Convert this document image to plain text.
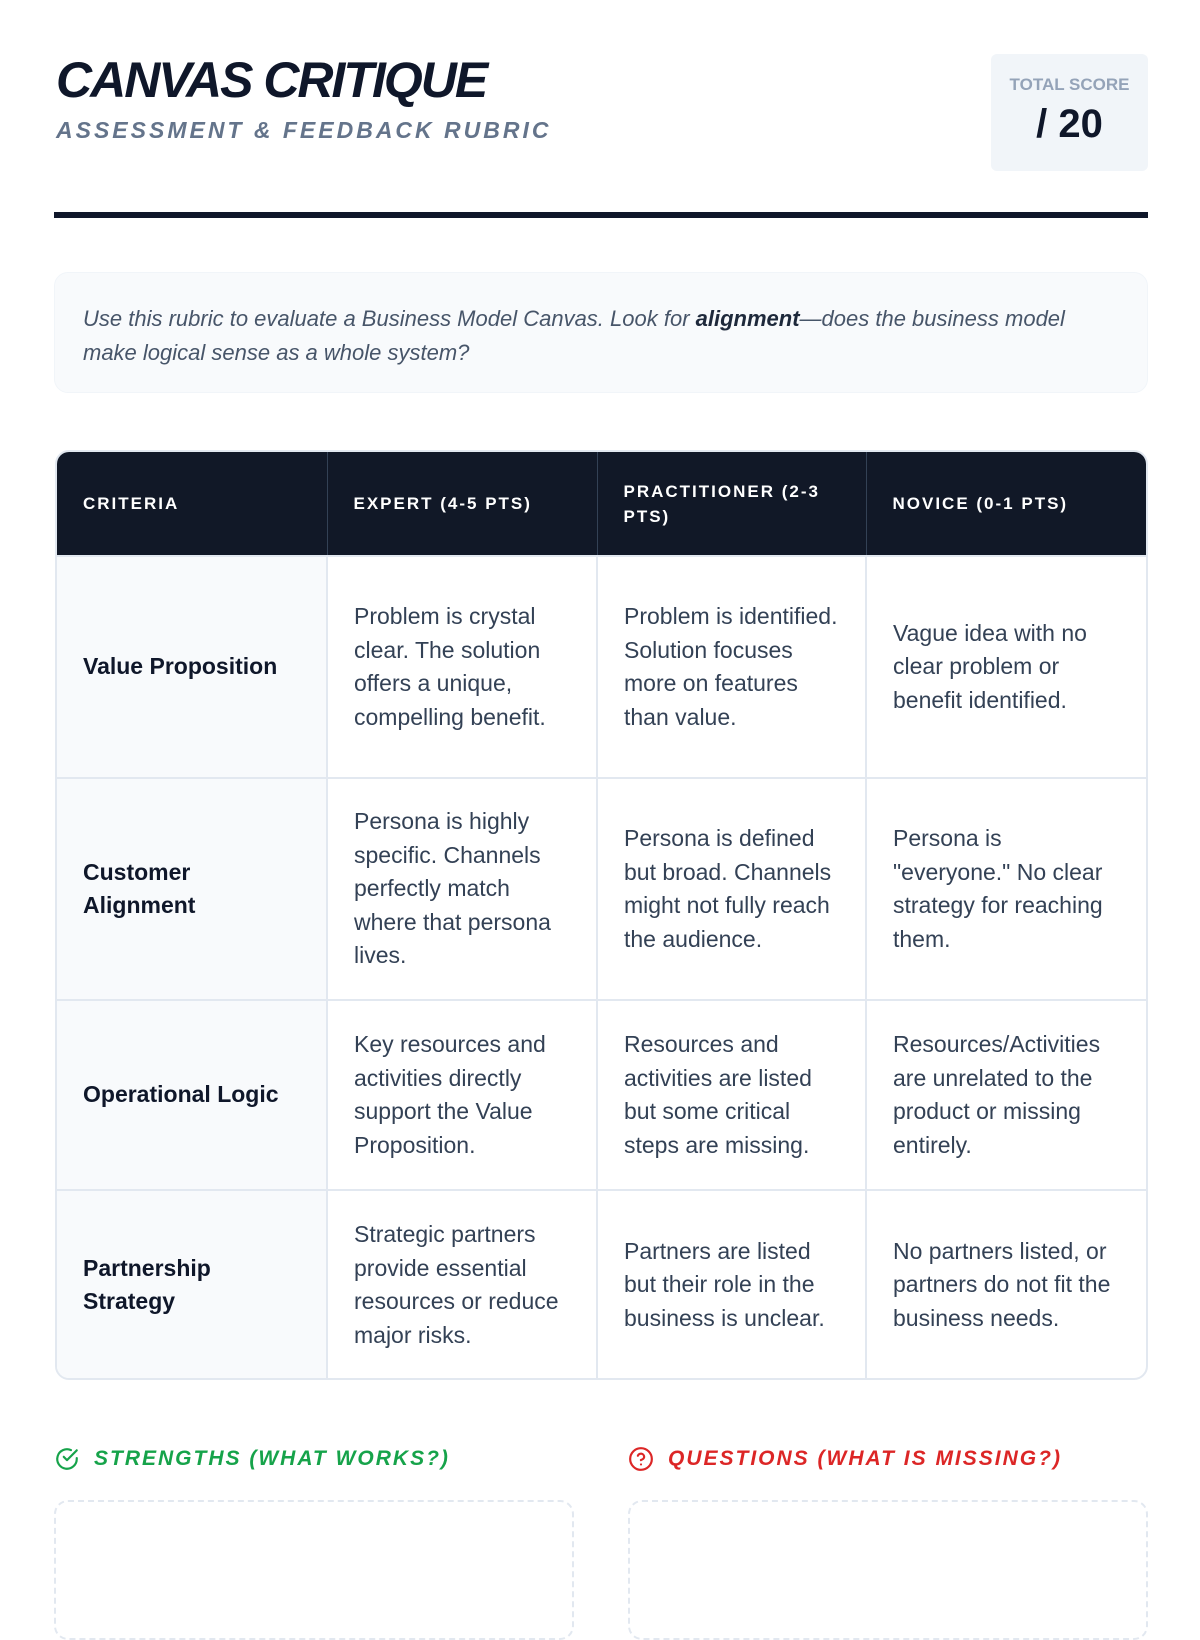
CANVAS CRITIQUE
ASSESSMENT & FEEDBACK RUBRIC
TOTAL SCORE
/ 20
Use this rubric to evaluate a Business Model Canvas. Look for alignment—does the business model make logical sense as a whole system?
CRITERIA	EXPERT (4-5 PTS)	PRACTITIONER (2-3 PTS)	NOVICE (0-1 PTS)
Value Proposition	Problem is crystal clear. The solution offers a unique, compelling benefit.	Problem is identified. Solution focuses more on features than value.	Vague idea with no clear problem or benefit identified.
Customer Alignment	Persona is highly specific. Channels perfectly match where that persona lives.	Persona is defined but broad. Channels might not fully reach the audience.	Persona is "everyone." No clear strategy for reaching them.
Operational Logic	Key resources and activities directly support the Value Proposition.	Resources and activities are listed but some critical steps are missing.	Resources/Activities are unrelated to the product or missing entirely.
Partnership Strategy	Strategic partners provide essential resources or reduce major risks.	Partners are listed but their role in the business is unclear.	No partners listed, or partners do not fit the business needs.
STRENGTHS (WHAT WORKS?)	QUESTIONS (WHAT IS MISSING?)
